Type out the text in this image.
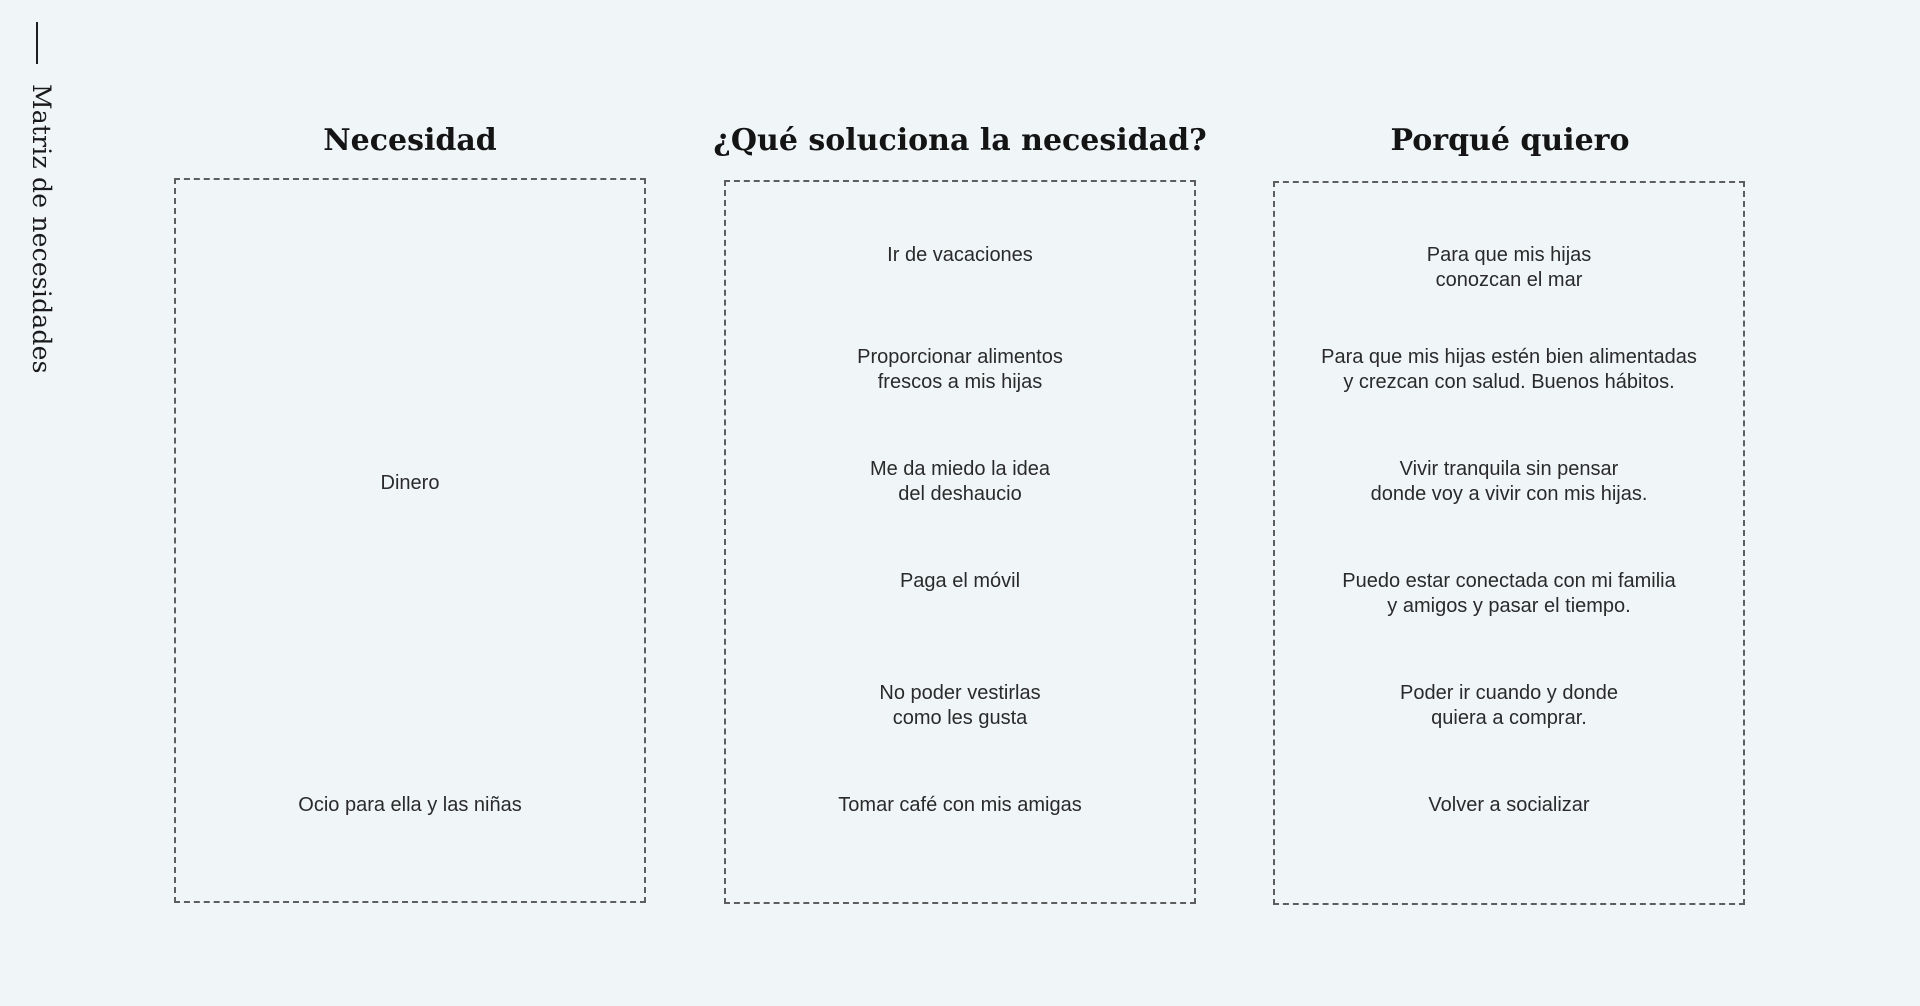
Matriz de necesidades	Necesidad
Dinero
Ocio para ella y las niñas
¿Qué soluciona la necesidad?
Ir de vacaciones
Proporcionar alimentos
frescos a mis hijas
Me da miedo la idea
del deshaucio
Paga el móvil
No poder vestirlas
como les gusta
Tomar café con mis amigas
Porqué quiero
Para que mis hijas
conozcan el mar
Para que mis hijas estén bien alimentadas
y crezcan con salud. Buenos hábitos.
Vivir tranquila sin pensar
donde voy a vivir con mis hijas.
Puedo estar conectada con mi familia
y amigos y pasar el tiempo.
Poder ir cuando y donde
quiera a comprar.
Volver a socializar
